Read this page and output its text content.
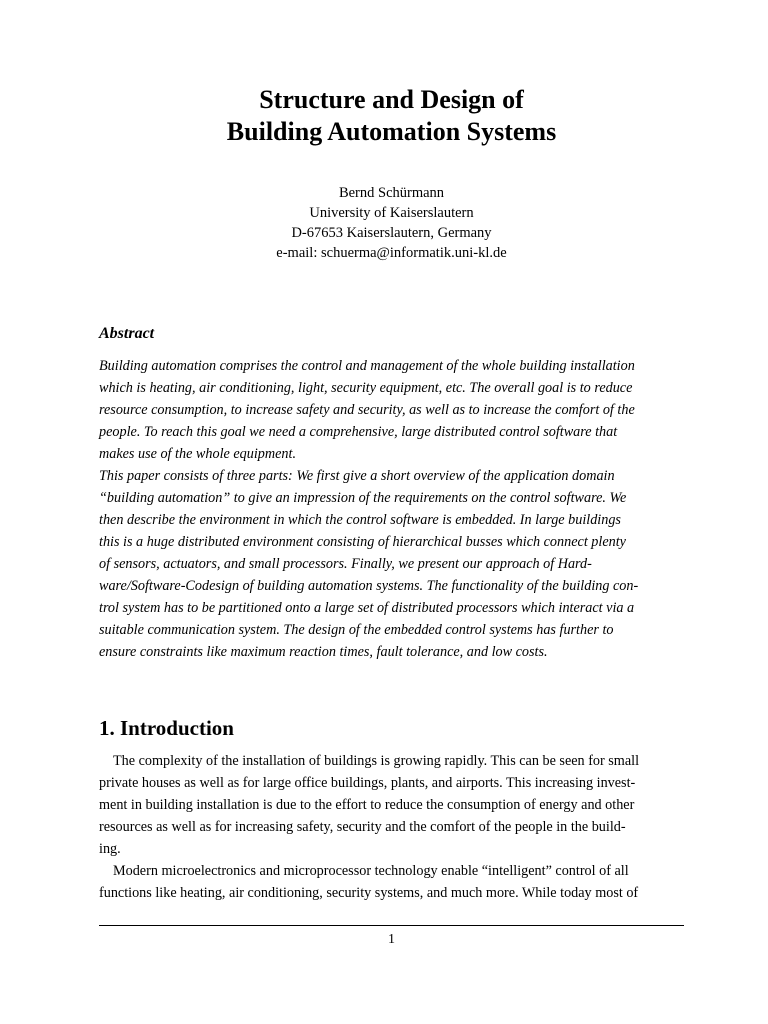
Structure and Design of
Building Automation Systems
Bernd Schürmann
University of Kaiserslautern
D-67653 Kaiserslautern, Germany
e-mail: schuerma@informatik.uni-kl.de
Abstract
Building automation comprises the control and management of the whole building installation
which is heating, air conditioning, light, security equipment, etc. The overall goal is to reduce
resource consumption, to increase safety and security, as well as to increase the comfort of the
people. To reach this goal we need a comprehensive, large distributed control software that
makes use of the whole equipment.
This paper consists of three parts: We first give a short overview of the application domain
“building automation” to give an impression of the requirements on the control software. We
then describe the environment in which the control software is embedded. In large buildings
this is a huge distributed environment consisting of hierarchical busses which connect plenty
of sensors, actuators, and small processors. Finally, we present our approach of Hard-
ware/Software-Codesign of building automation systems. The functionality of the building con-
trol system has to be partitioned onto a large set of distributed processors which interact via a
suitable communication system. The design of the embedded control systems has further to
ensure constraints like maximum reaction times, fault tolerance, and low costs.
1. Introduction
The complexity of the installation of buildings is growing rapidly. This can be seen for small
private houses as well as for large office buildings, plants, and airports. This increasing invest-
ment in building installation is due to the effort to reduce the consumption of energy and other
resources as well as for increasing safety, security and the comfort of the people in the build-
ing.
Modern microelectronics and microprocessor technology enable “intelligent” control of all
functions like heating, air conditioning, security systems, and much more. While today most of
1
